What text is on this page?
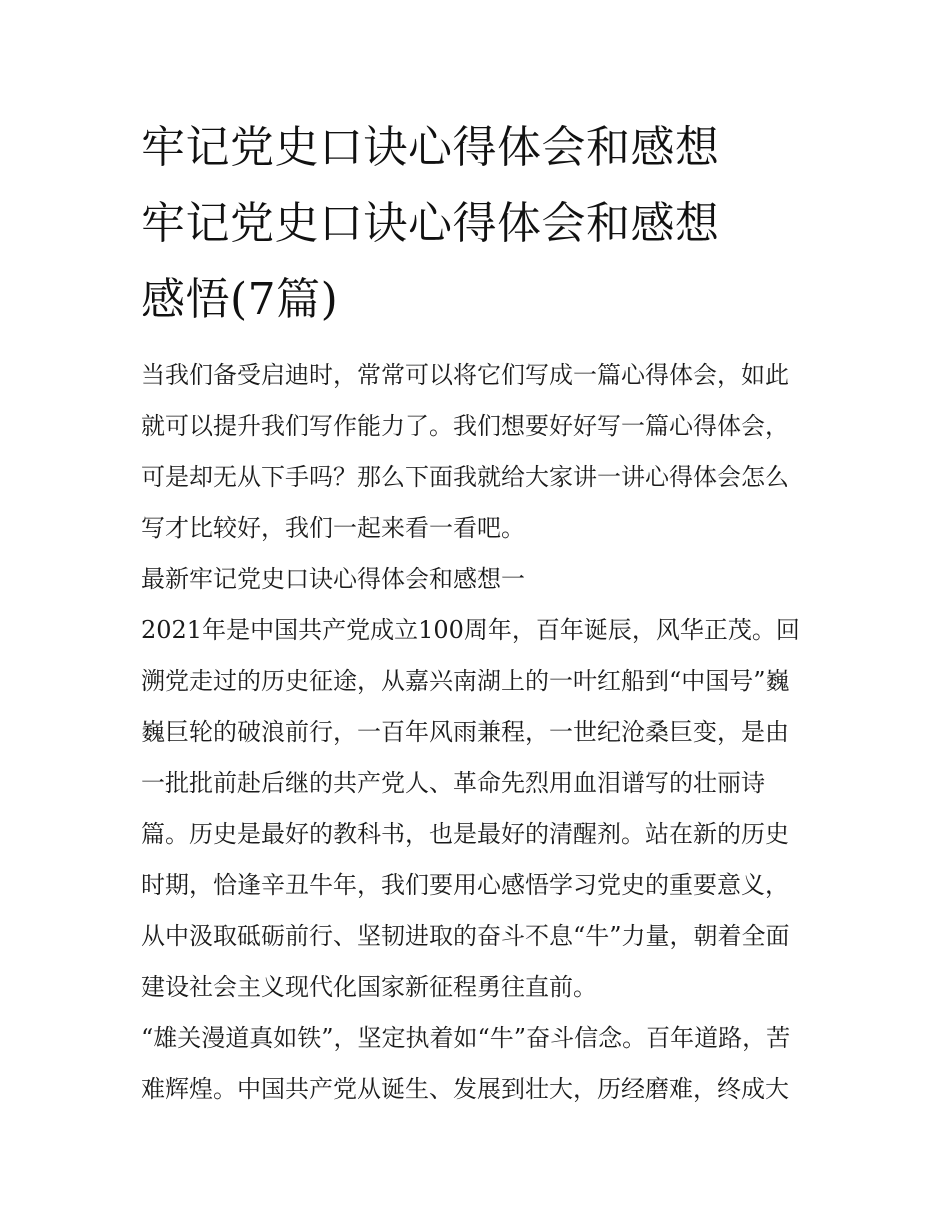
牢记党史口诀心得体会和感想
牢记党史口诀心得体会和感想
感悟(7篇)

当我们备受启迪时，常常可以将它们写成一篇心得体会，如此
就可以提升我们写作能力了。我们想要好好写一篇心得体会，
可是却无从下手吗？那么下面我就给大家讲一讲心得体会怎么
写才比较好，我们一起来看一看吧。

最新牢记党史口诀心得体会和感想一

2021年是中国共产党成立100周年，百年诞辰，风华正茂。回
溯党走过的历史征途，从嘉兴南湖上的一叶红船到“中国号”巍
巍巨轮的破浪前行，一百年风雨兼程，一世纪沧桑巨变，是由
一批批前赴后继的共产党人、革命先烈用血泪谱写的壮丽诗
篇。历史是最好的教科书，也是最好的清醒剂。站在新的历史
时期，恰逢辛丑牛年，我们要用心感悟学习党史的重要意义，
从中汲取砥砺前行、坚韧进取的奋斗不息“牛”力量，朝着全面
建设社会主义现代化国家新征程勇往直前。

“雄关漫道真如铁”，坚定执着如“牛”奋斗信念。百年道路，苦
难辉煌。中国共产党从诞生、发展到壮大，历经磨难，终成大
